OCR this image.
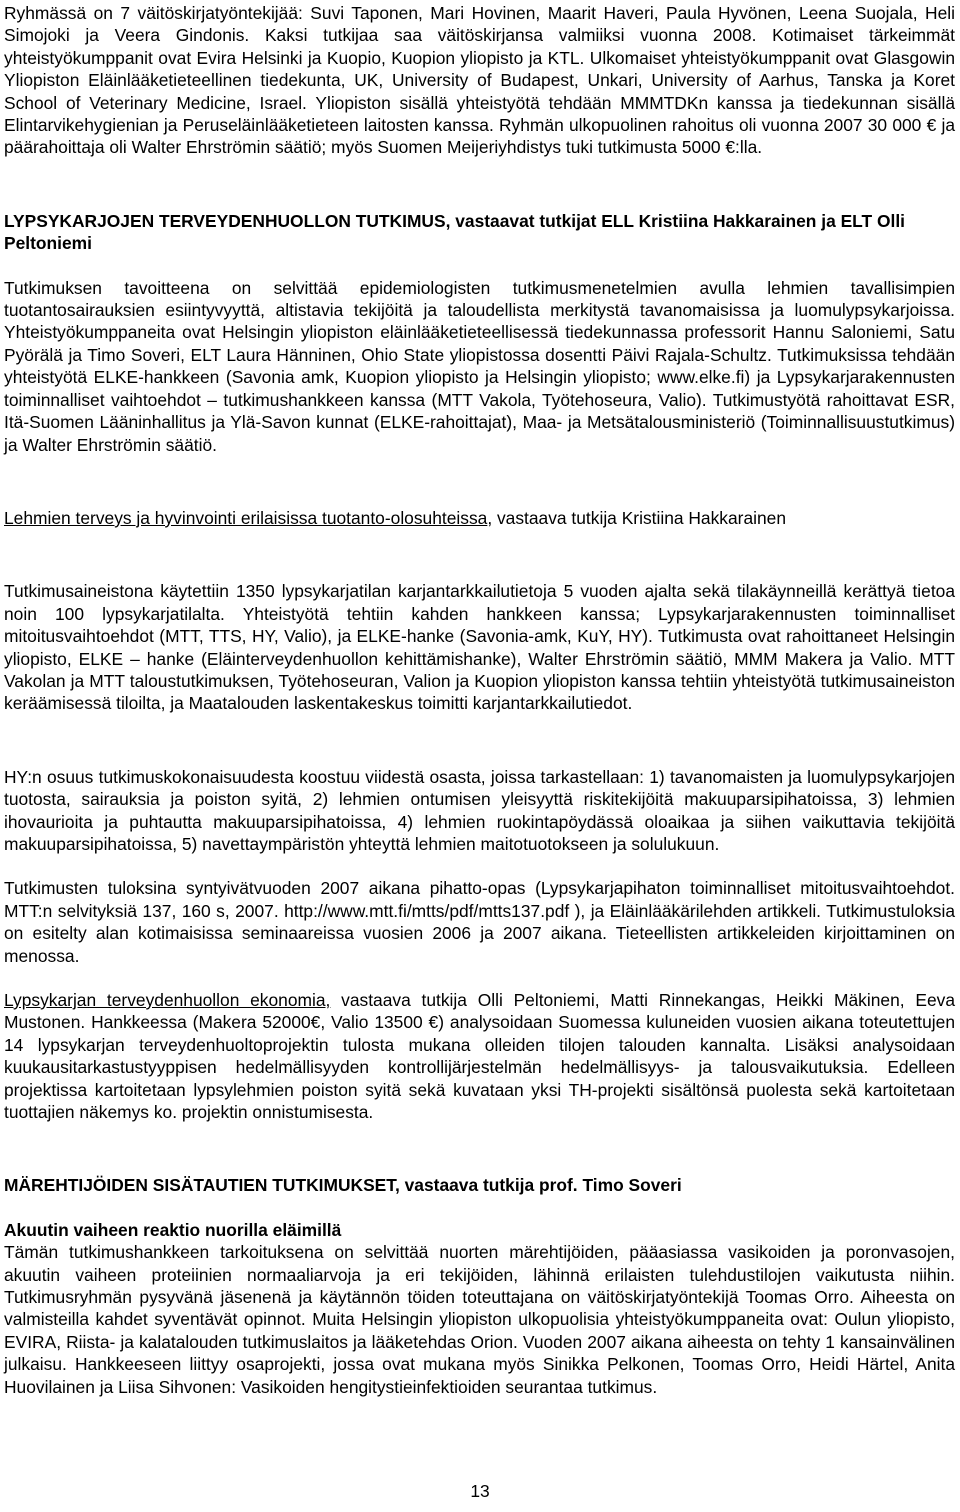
Ryhmässä on 7 väitöskirjatyöntekijää: Suvi Taponen, Mari Hovinen, Maarit Haveri, Paula Hyvönen, Leena Suojala, Heli Simojoki ja Veera Gindonis. Kaksi tutkijaa saa väitöskirjansa valmiiksi vuonna 2008. Kotimaiset tärkeimmät yhteistyökumppanit ovat Evira Helsinki ja Kuopio, Kuopion yliopisto ja KTL. Ulkomaiset yhteistyökumppanit ovat Glasgowin Yliopiston Eläinlääketieteellinen tiedekunta, UK, University of Budapest, Unkari, University of Aarhus, Tanska ja Koret School of Veterinary Medicine, Israel. Yliopiston sisällä yhteistyötä tehdään MMMTDKn kanssa ja tiedekunnan sisällä Elintarvikehygienian ja Peruseläinlääketieteen laitosten kanssa. Ryhmän ulkopuolinen rahoitus oli vuonna 2007 30 000 € ja päärahoittaja oli Walter Ehrströmin säätiö; myös Suomen Meijeriyhdistys tuki tutkimusta 5000 €:lla.

LYPSYKARJOJEN TERVEYDENHUOLLON TUTKIMUS, vastaavat tutkijat ELL Kristiina Hakkarainen ja ELT Olli Peltoniemi

Tutkimuksen tavoitteena on selvittää epidemiologisten tutkimusmenetelmien avulla lehmien tavallisimpien tuotantosairauksien esiintyvyyttä, altistavia tekijöitä ja taloudellista merkitystä tavanomaisissa ja luomulypsykarjoissa. Yhteistyökumppaneita ovat Helsingin yliopiston eläinlääketieteellisessä tiedekunnassa professorit Hannu Saloniemi, Satu Pyörälä ja Timo Soveri, ELT Laura Hänninen, Ohio State yliopistossa dosentti Päivi Rajala-Schultz. Tutkimuksissa tehdään yhteistyötä ELKE-hankkeen (Savonia amk, Kuopion yliopisto ja Helsingin yliopisto; www.elke.fi) ja Lypsykarjarakennusten toiminnalliset vaihtoehdot – tutkimushankkeen kanssa (MTT Vakola, Työtehoseura, Valio). Tutkimustyötä rahoittavat ESR, Itä-Suomen Lääninhallitus ja Ylä-Savon kunnat (ELKE-rahoittajat), Maa- ja Metsätalousministeriö (Toiminnallisuustutkimus) ja Walter Ehrströmin säätiö.

Lehmien terveys ja hyvinvointi erilaisissa tuotanto-olosuhteissa, vastaava tutkija Kristiina Hakkarainen

Tutkimusaineistona käytettiin 1350 lypsykarjatilan karjantarkkailutietoja 5 vuoden ajalta sekä tilakäynneillä kerättyä tietoa noin 100 lypsykarjatilalta. Yhteistyötä tehtiin kahden hankkeen kanssa; Lypsykarjarakennusten toiminnalliset mitoitusvaihtoehdot (MTT, TTS, HY, Valio), ja ELKE-hanke (Savonia-amk, KuY, HY). Tutkimusta ovat rahoittaneet Helsingin yliopisto, ELKE – hanke (Eläinterveydenhuollon kehittämishanke), Walter Ehrströmin säätiö, MMM Makera ja Valio. MTT Vakolan ja MTT taloustutkimuksen, Työtehoseuran, Valion ja Kuopion yliopiston kanssa tehtiin yhteistyötä tutkimusaineiston keräämisessä tiloilta, ja Maatalouden laskentakeskus toimitti karjantarkkailutiedot.

HY:n osuus tutkimuskokonaisuudesta koostuu viidestä osasta, joissa tarkastellaan: 1) tavanomaisten ja luomulypsykarjojen tuotosta, sairauksia ja poiston syitä, 2) lehmien ontumisen yleisyyttä riskitekijöitä makuuparsipihatoissa, 3) lehmien ihovaurioita ja puhtautta makuuparsipihatoissa, 4) lehmien ruokintapöydässä oloaikaa ja siihen vaikuttavia tekijöitä makuuparsipihatoissa, 5) navettaympäristön yhteyttä lehmien maitotuotokseen ja solulukuun.

Tutkimusten tuloksina syntyivätvuoden 2007 aikana pihatto-opas (Lypsykarjapihaton toiminnalliset mitoitusvaihtoehdot. MTT:n selvityksiä 137, 160 s, 2007. http://www.mtt.fi/mtts/pdf/mtts137.pdf ), ja Eläinlääkärilehden artikkeli. Tutkimustuloksia on esitelty alan kotimaisissa seminaareissa vuosien 2006 ja 2007 aikana. Tieteellisten artikkeleiden kirjoittaminen on menossa.

Lypsykarjan terveydenhuollon ekonomia, vastaava tutkija Olli Peltoniemi, Matti Rinnekangas, Heikki Mäkinen, Eeva Mustonen. Hankkeessa (Makera 52000€, Valio 13500 €) analysoidaan Suomessa kuluneiden vuosien aikana toteutettujen 14 lypsykarjan terveydenhuoltoprojektin tulosta mukana olleiden tilojen talouden kannalta. Lisäksi analysoidaan kuukausitarkastustyyppisen hedelmällisyyden kontrollijärjestelmän hedelmällisyys- ja talousvaikutuksia. Edelleen projektissa kartoitetaan lypsylehmien poiston syitä sekä kuvataan yksi TH-projekti sisältönsä puolesta sekä kartoitetaan tuottajien näkemys ko. projektin onnistumisesta.

MÄREHTIJÖIDEN SISÄTAUTIEN TUTKIMUKSET, vastaava tutkija prof. Timo Soveri

Akuutin vaiheen reaktio nuorilla eläimillä

Tämän tutkimushankkeen tarkoituksena on selvittää nuorten märehtijöiden, pääasiassa vasikoiden ja poronvasojen, akuutin vaiheen proteiinien normaaliarvoja ja eri tekijöiden, lähinnä erilaisten tulehdustilojen vaikutusta niihin. Tutkimusryhmän pysyvänä jäsenenä ja käytännön töiden toteuttajana on väitöskirjatyöntekijä Toomas Orro. Aiheesta on valmisteilla kahdet syventävät opinnot. Muita Helsingin yliopiston ulkopuolisia yhteistyökumppaneita ovat: Oulun yliopisto, EVIRA, Riista- ja kalatalouden tutkimuslaitos ja lääketehdas Orion. Vuoden 2007 aikana aiheesta on tehty 1 kansainvälinen julkaisu. Hankkeeseen liittyy osaprojekti, jossa ovat mukana myös Sinikka Pelkonen, Toomas Orro, Heidi Härtel, Anita Huovilainen ja Liisa Sihvonen: Vasikoiden hengitystieinfektioiden seurantaa tutkimus.

13
